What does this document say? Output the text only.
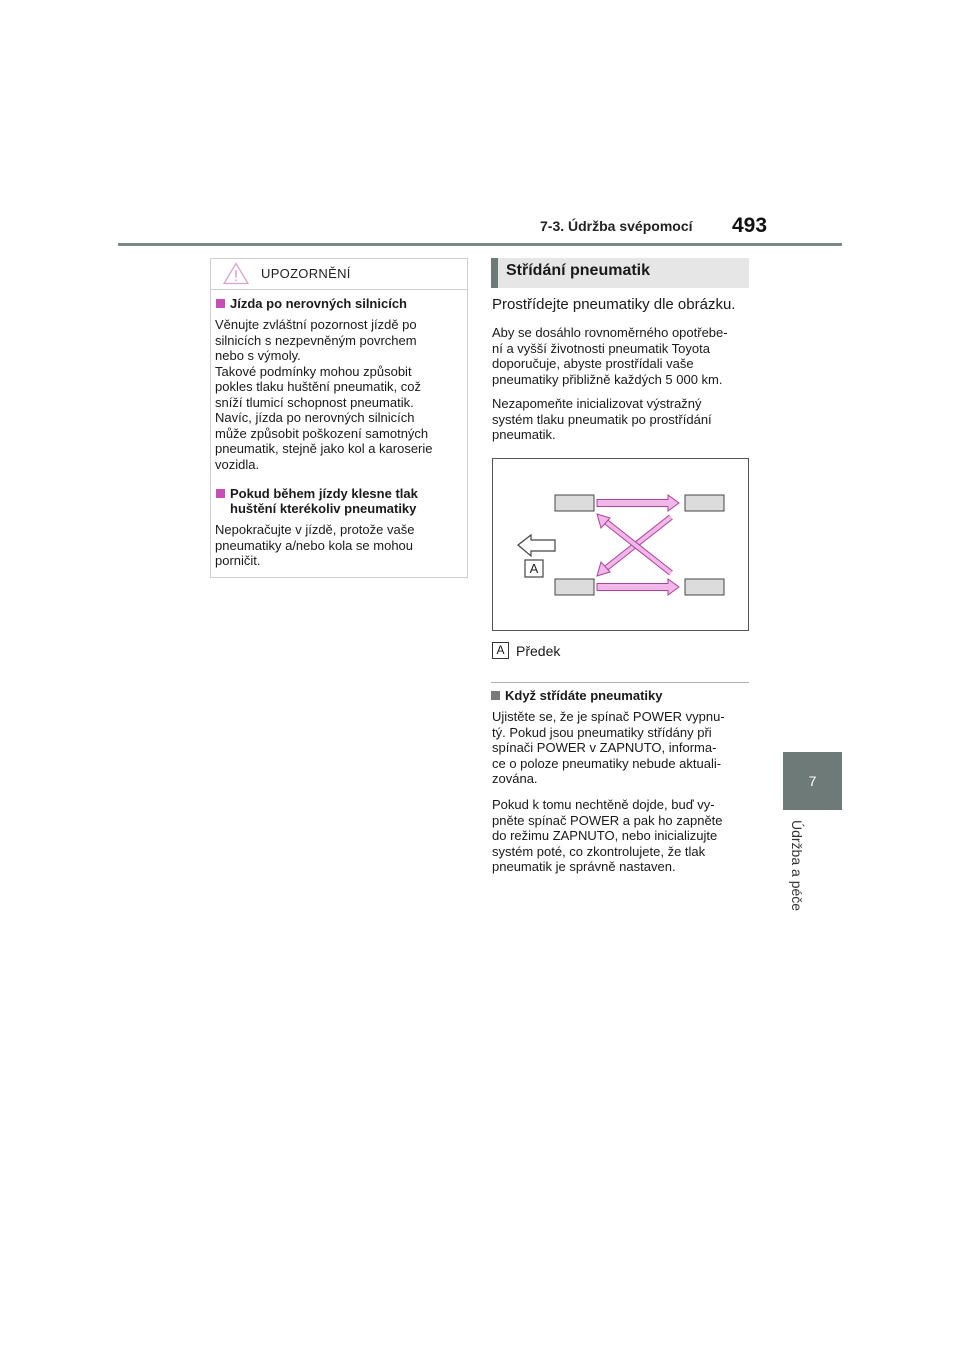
7-3. Údržba svépomocí 493
7
Údržba a péče
UPOZORNĚNÍ
Jízda po nerovných silnicích
Věnujte zvláštní pozornost jízdě po
silnicích s nezpevněným povrchem
nebo s výmoly.
Takové podmínky mohou způsobit
pokles tlaku huštění pneumatik, což
sníží tlumicí schopnost pneumatik.
Navíc, jízda po nerovných silnicích
může způsobit poškození samotných
pneumatik, stejně jako kol a karoserie
vozidla.
Pokud během jízdy klesne tlak
huštění kterékoliv pneumatiky
Nepokračujte v jízdě, protože vaše
pneumatiky a/nebo kola se mohou
porničit.
Střídání pneumatik
Prostřídejte pneumatiky dle obrázku.
Aby se dosáhlo rovnoměrného opotřebe-
ní a vyšší životnosti pneumatik Toyota
doporučuje, abyste prostřídali vaše
pneumatiky přibližně každých 5 000 km.
Nezapomeňte inicializovat výstražný
systém tlaku pneumatik po prostřídání
pneumatik.
A
A Předek
Když střídáte pneumatiky
Ujistěte se, že je spínač POWER vypnu-
tý. Pokud jsou pneumatiky střídány při
spínači POWER v ZAPNUTO, informa-
ce o poloze pneumatiky nebude aktuali-
zována.
Pokud k tomu nechtěně dojde, buď vy-
pněte spínač POWER a pak ho zapněte
do režimu ZAPNUTO, nebo inicializujte
systém poté, co zkontrolujete, že tlak
pneumatik je správně nastaven.
